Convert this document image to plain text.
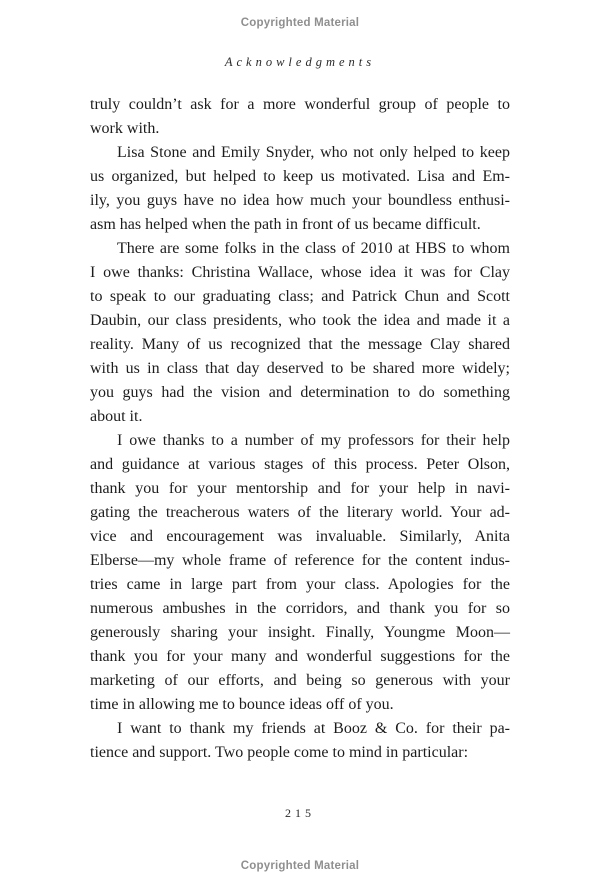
Copyrighted Material
Acknowledgments
truly couldn’t ask for a more wonderful group of people to
work with.
Lisa Stone and Emily Snyder, who not only helped to keep
us organized, but helped to keep us motivated. Lisa and Em-
ily, you guys have no idea how much your boundless enthusi-
asm has helped when the path in front of us became difficult.
There are some folks in the class of 2010 at HBS to whom
I owe thanks: Christina Wallace, whose idea it was for Clay
to speak to our graduating class; and Patrick Chun and Scott
Daubin, our class presidents, who took the idea and made it a
reality. Many of us recognized that the message Clay shared
with us in class that day deserved to be shared more widely;
you guys had the vision and determination to do something
about it.
I owe thanks to a number of my professors for their help
and guidance at various stages of this process. Peter Olson,
thank you for your mentorship and for your help in navi-
gating the treacherous waters of the literary world. Your ad-
vice and encouragement was invaluable. Similarly, Anita
Elberse—my whole frame of reference for the content indus-
tries came in large part from your class. Apologies for the
numerous ambushes in the corridors, and thank you for so
generously sharing your insight. Finally, Youngme Moon—
thank you for your many and wonderful suggestions for the
marketing of our efforts, and being so generous with your
time in allowing me to bounce ideas off of you.
I want to thank my friends at Booz & Co. for their pa-
tience and support. Two people come to mind in particular:
215
Copyrighted Material
